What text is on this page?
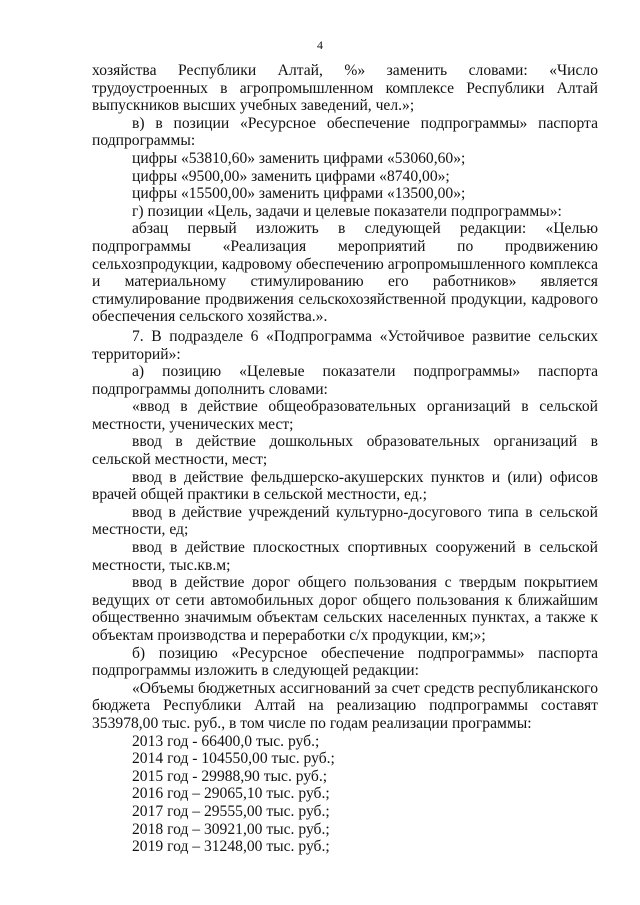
4

хозяйства Республики Алтай, %» заменить словами: «Число трудоустроенных в агропромышленном комплексе Республики Алтай выпускников высших учебных заведений, чел.»;

в) в позиции «Ресурсное обеспечение подпрограммы» паспорта подпрограммы:

цифры «53810,60» заменить цифрами «53060,60»;

цифры «9500,00» заменить цифрами «8740,00»;

цифры «15500,00» заменить цифрами «13500,00»;

г) позиции «Цель, задачи и целевые показатели подпрограммы»:

абзац первый изложить в следующей редакции: «Целью подпрограммы «Реализация мероприятий по продвижению сельхозпродукции, кадровому обеспечению агропромышленного комплекса и материальному стимулированию его работников» является стимулирование продвижения сельскохозяйственной продукции, кадрового обеспечения сельского хозяйства.».

7. В подразделе 6 «Подпрограмма «Устойчивое развитие сельских территорий»:

а) позицию «Целевые показатели подпрограммы» паспорта подпрограммы дополнить словами:

«ввод в действие общеобразовательных организаций в сельской местности, ученических мест;

ввод в действие дошкольных образовательных организаций в сельской местности, мест;

ввод в действие фельдшерско-акушерских пунктов и (или) офисов врачей общей практики в сельской местности, ед.;

ввод в действие учреждений культурно-досугового типа в сельской местности, ед;

ввод в действие плоскостных спортивных сооружений в сельской местности, тыс.кв.м;

ввод в действие дорог общего пользования с твердым покрытием ведущих от сети автомобильных дорог общего пользования к ближайшим общественно значимым объектам сельских населенных пунктах, а также к объектам производства и переработки с/х продукции, км;»;

б) позицию «Ресурсное обеспечение подпрограммы» паспорта подпрограммы изложить в следующей редакции:

«Объемы бюджетных ассигнований за счет средств республиканского бюджета Республики Алтай на реализацию подпрограммы составят 353978,00 тыс. руб., в том числе по годам реализации программы:

2013 год - 66400,0 тыс. руб.;

2014 год - 104550,00 тыс. руб.;

2015 год - 29988,90 тыс. руб.;

2016 год – 29065,10 тыс. руб.;

2017 год – 29555,00 тыс. руб.;

2018 год – 30921,00 тыс. руб.;

2019 год – 31248,00 тыс. руб.;
